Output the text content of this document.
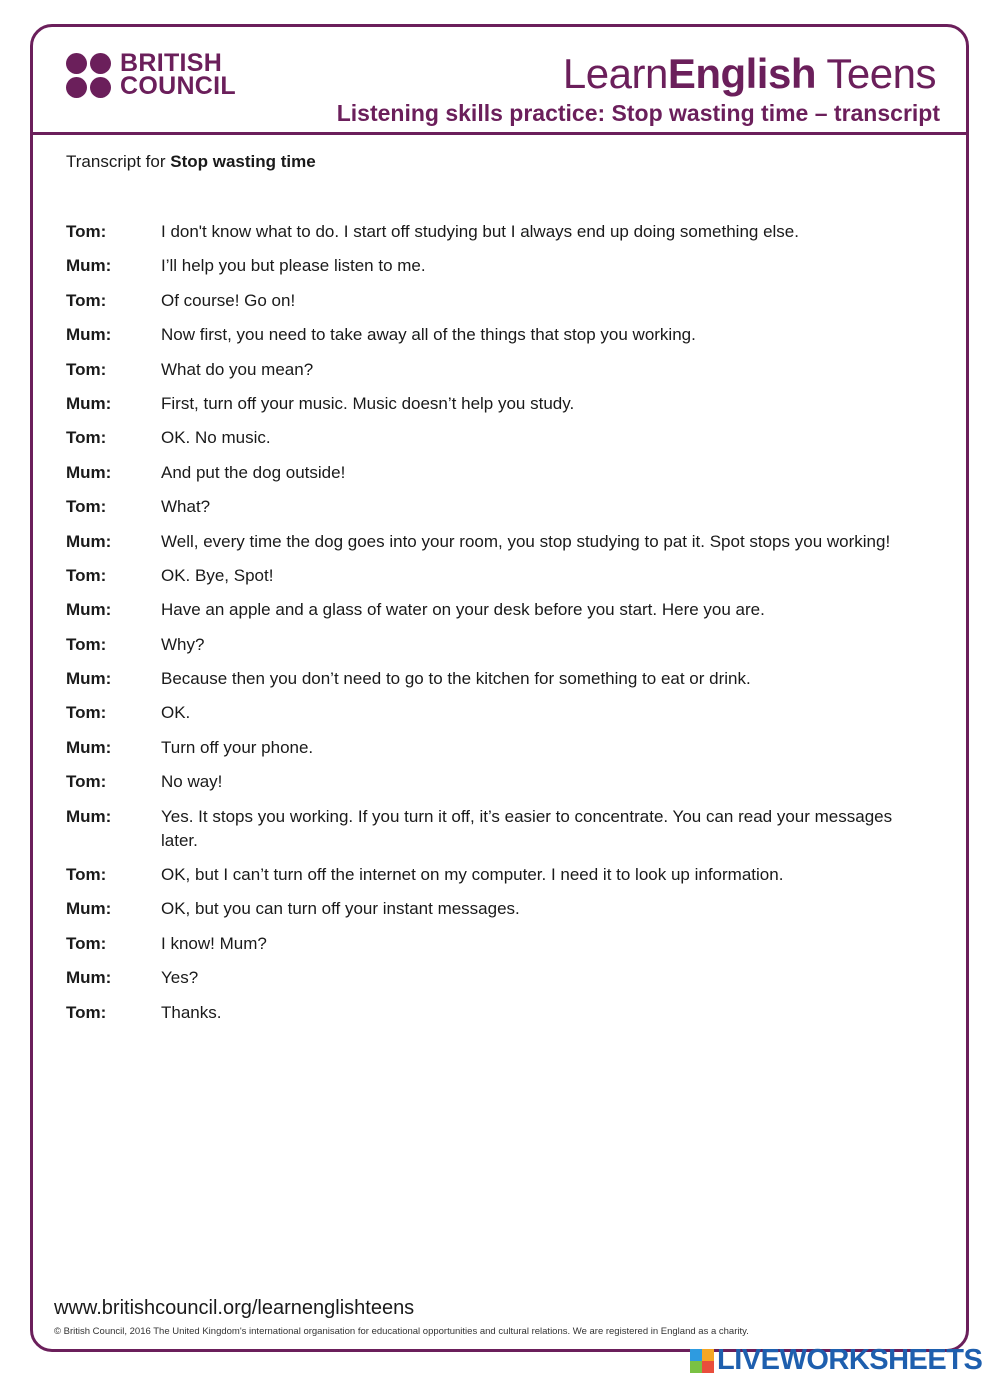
BRITISH
COUNCIL	LearnEnglish Teens
Listening skills practice: Stop wasting time – transcript
Transcript for Stop wasting time
Tom:	I don't know what to do. I start off studying but I always end up doing something else.
Mum:	I’ll help you but please listen to me.
Tom:	Of course! Go on!
Mum:	Now first, you need to take away all of the things that stop you working.
Tom:	What do you mean?
Mum:	First, turn off your music. Music doesn’t help you study.
Tom:	OK. No music.
Mum:	And put the dog outside!
Tom:	What?
Mum:	Well, every time the dog goes into your room, you stop studying to pat it. Spot stops you working!
Tom:	OK. Bye, Spot!
Mum:	Have an apple and a glass of water on your desk before you start. Here you are.
Tom:	Why?
Mum:	Because then you don’t need to go to the kitchen for something to eat or drink.
Tom:	OK.
Mum:	Turn off your phone.
Tom:	No way!
Mum:	Yes. It stops you working. If you turn it off, it’s easier to concentrate. You can read your messages later.
Tom:	OK, but I can’t turn off the internet on my computer. I need it to look up information.
Mum:	OK, but you can turn off your instant messages.
Tom:	I know! Mum?
Mum:	Yes?
Tom:	Thanks.
www.britishcouncil.org/learnenglishteens
© British Council, 2016 The United Kingdom's international organisation for educational opportunities and cultural relations. We are registered in England as a charity.
LIVEWORKSHEETS
